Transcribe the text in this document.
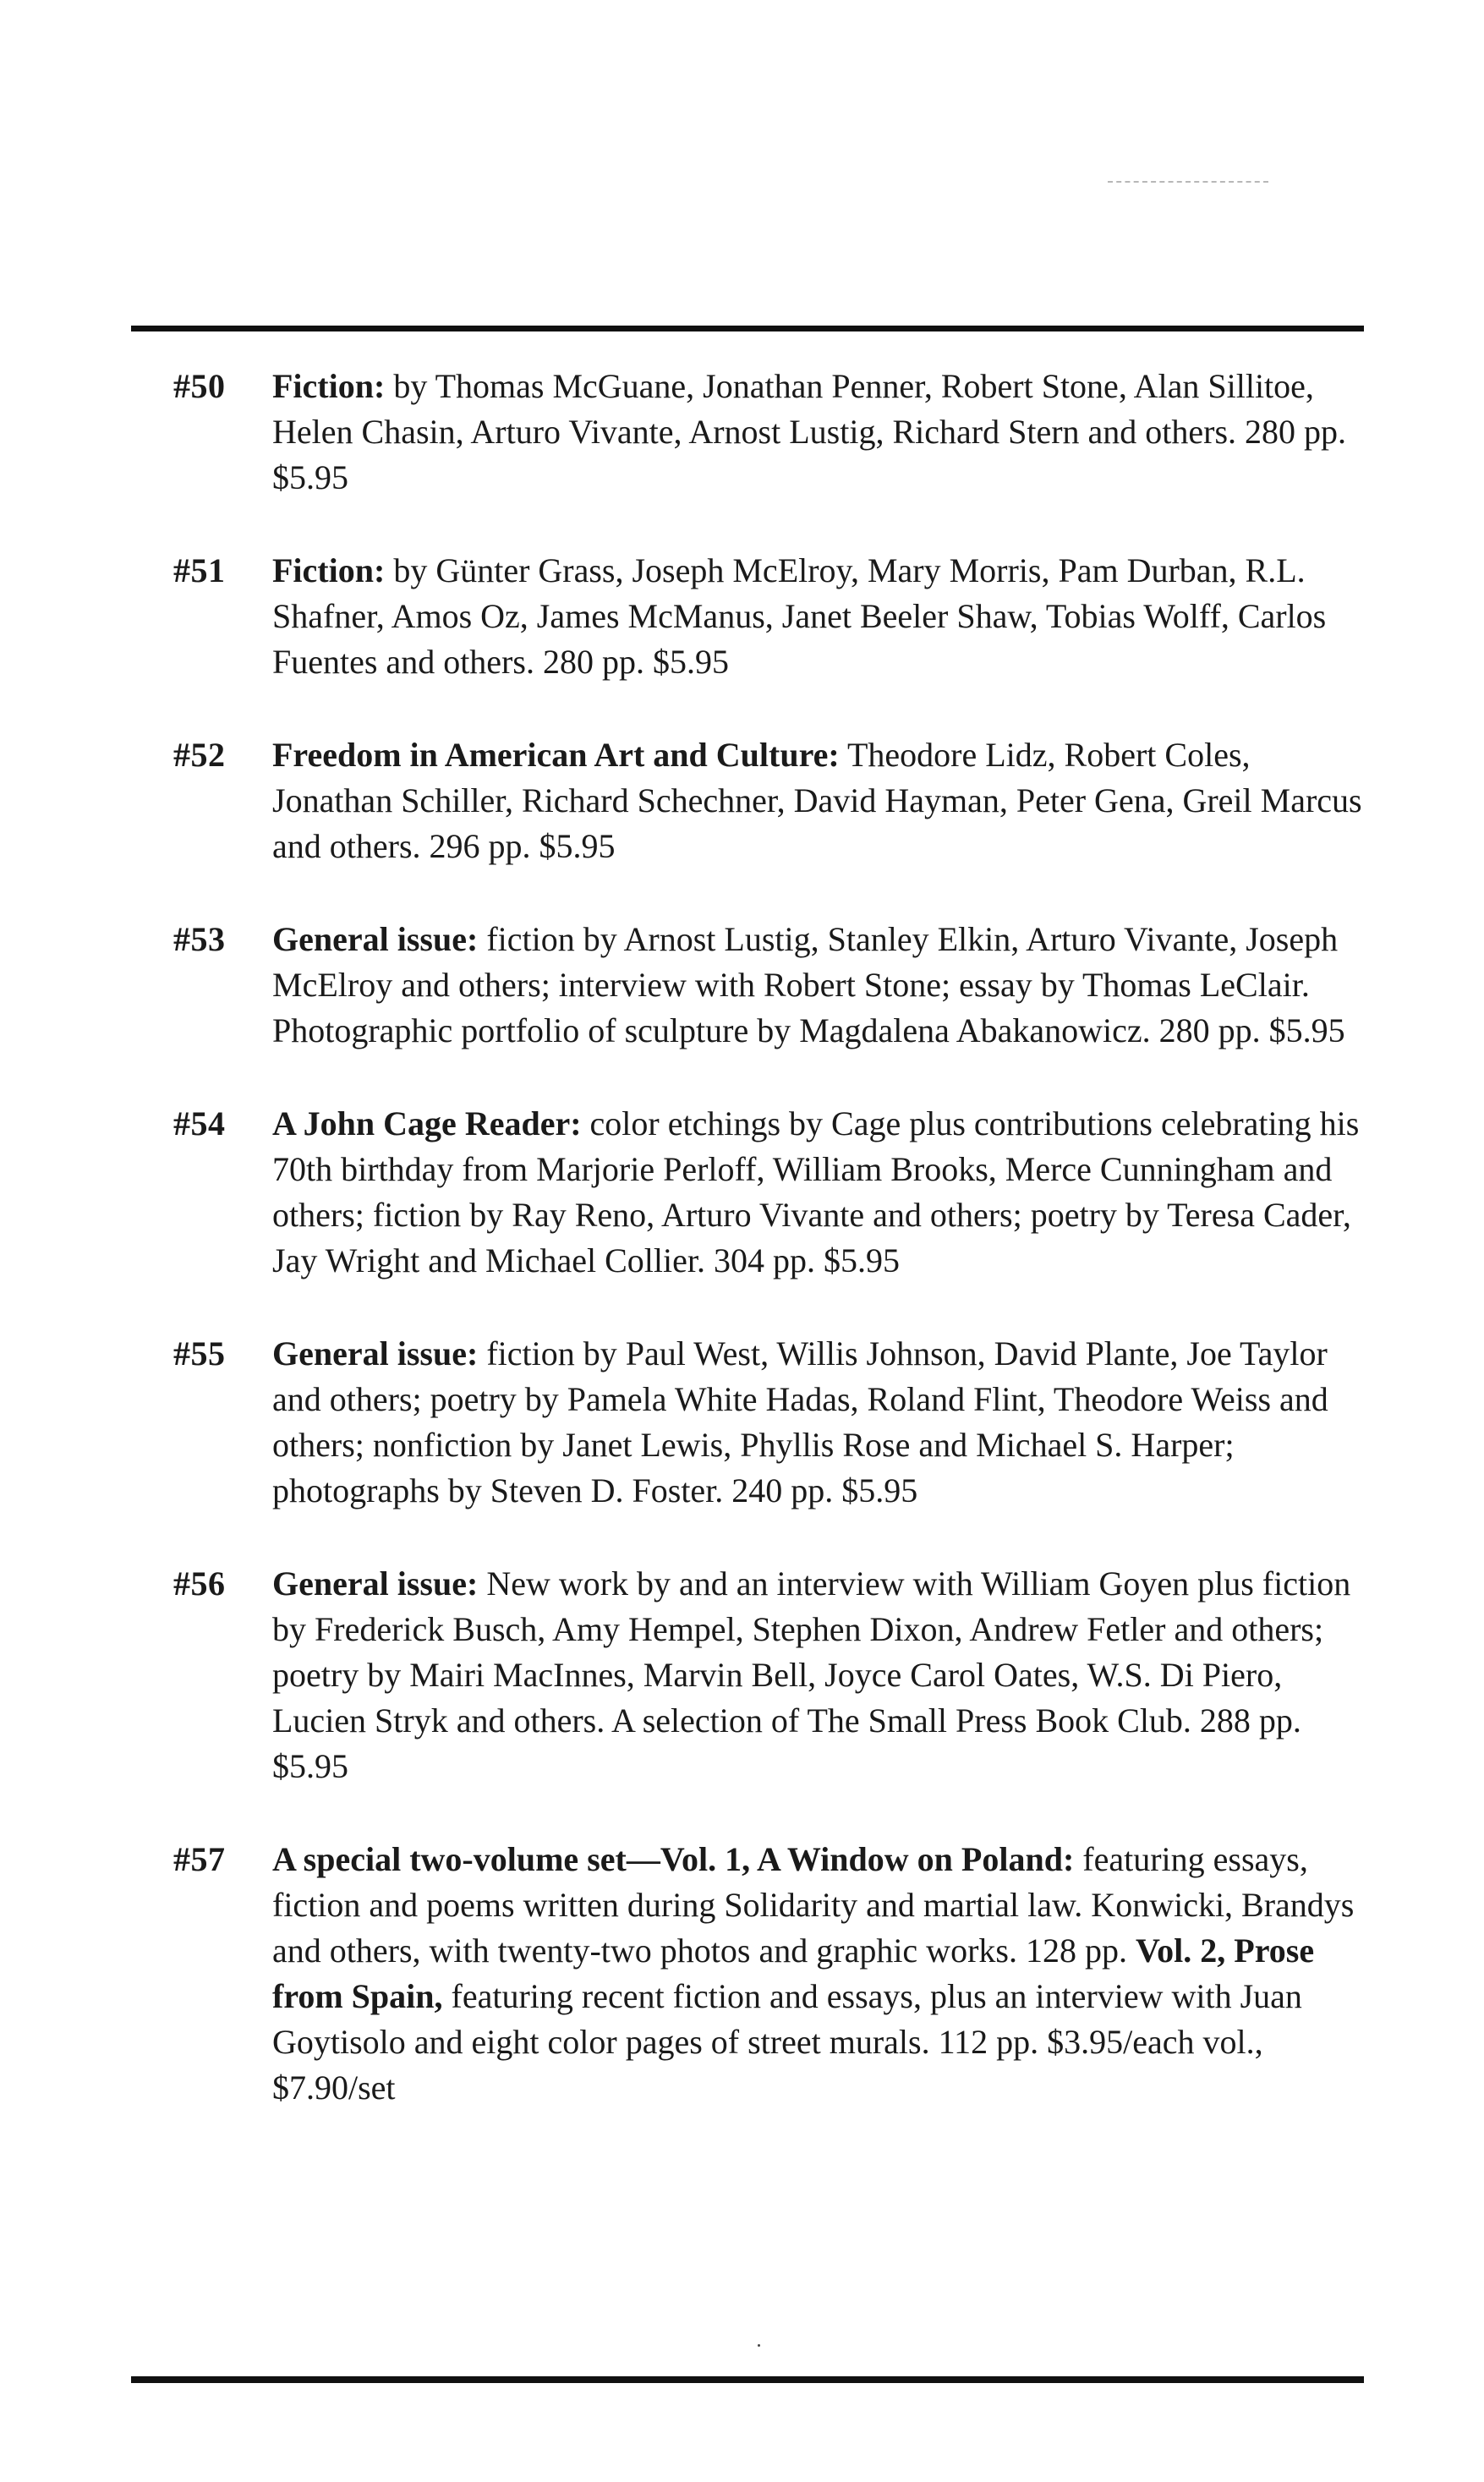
#50 Fiction: by Thomas McGuane, Jonathan Penner, Robert Stone, Alan Sillitoe, Helen Chasin, Arturo Vivante, Arnost Lustig, Richard Stern and others. 280 pp. $5.95
#51 Fiction: by Günter Grass, Joseph McElroy, Mary Morris, Pam Durban, R.L. Shafner, Amos Oz, James McManus, Janet Beeler Shaw, Tobias Wolff, Carlos Fuentes and others. 280 pp. $5.95
#52 Freedom in American Art and Culture: Theodore Lidz, Robert Coles, Jonathan Schiller, Richard Schechner, David Hayman, Peter Gena, Greil Marcus and others. 296 pp. $5.95
#53 General issue: fiction by Arnost Lustig, Stanley Elkin, Arturo Vivante, Joseph McElroy and others; interview with Robert Stone; essay by Thomas LeClair. Photographic portfolio of sculpture by Magdalena Abakanowicz. 280 pp. $5.95
#54 A John Cage Reader: color etchings by Cage plus contributions celebrating his 70th birthday from Marjorie Perloff, William Brooks, Merce Cunningham and others; fiction by Ray Reno, Arturo Vivante and others; poetry by Teresa Cader, Jay Wright and Michael Collier. 304 pp. $5.95
#55 General issue: fiction by Paul West, Willis Johnson, David Plante, Joe Taylor and others; poetry by Pamela White Hadas, Roland Flint, Theodore Weiss and others; nonfiction by Janet Lewis, Phyllis Rose and Michael S. Harper; photographs by Steven D. Foster. 240 pp. $5.95
#56 General issue: New work by and an interview with William Goyen plus fiction by Frederick Busch, Amy Hempel, Stephen Dixon, Andrew Fetler and others; poetry by Mairi MacInnes, Marvin Bell, Joyce Carol Oates, W.S. Di Piero, Lucien Stryk and others. A selection of The Small Press Book Club. 288 pp. $5.95
#57 A special two-volume set—Vol. 1, A Window on Poland: featuring essays, fiction and poems written during Solidarity and martial law. Konwicki, Brandys and others, with twenty-two photos and graphic works. 128 pp. Vol. 2, Prose from Spain, featuring recent fiction and essays, plus an interview with Juan Goytisolo and eight color pages of street murals. 112 pp. $3.95/each vol., $7.90/set
